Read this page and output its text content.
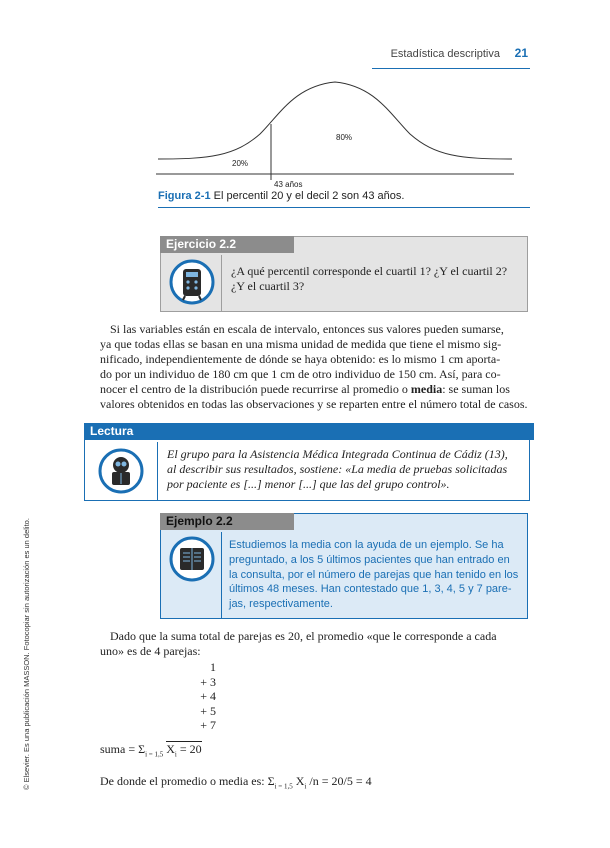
Estadística descriptiva 21
80%
20%
43 años
Figura 2-1 El percentil 20 y el decil 2 son 43 años.
Ejercicio 2.2
¿A qué percentil corresponde el cuartil 1? ¿Y el cuartil 2?
¿Y el cuartil 3?
Si las variables están en escala de intervalo, entonces sus valores pueden sumarse,
ya que todas ellas se basan en una misma unidad de medida que tiene el mismo sig-
nificado, independientemente de dónde se haya obtenido: es lo mismo 1 cm aporta-
do por un individuo de 180 cm que 1 cm de otro individuo de 150 cm. Así, para co-
nocer el centro de la distribución puede recurrirse al promedio o media: se suman los
valores obtenidos en todas las observaciones y se reparten entre el número total de casos.
Lectura
El grupo para la Asistencia Médica Integrada Continua de Cádiz (13),
al describir sus resultados, sostiene: «La media de pruebas solicitadas
por paciente es [...] menor [...] que las del grupo control».
Ejemplo 2.2
Estudiemos la media con la ayuda de un ejemplo. Se ha
preguntado, a los 5 últimos pacientes que han entrado en
la consulta, por el número de parejas que han tenido en los
últimos 48 meses. Han contestado que 1, 3, 4, 5 y 7 pare-
jas, respectivamente.
Dado que la suma total de parejas es 20, el promedio «que le corresponde a cada
uno» es de 4 parejas:
1
+ 3
+ 4
+ 5
+ 7
suma = $\Sigma_{i = 1,5}$ $X_i = 20$
De donde el promedio o media es: $\Sigma_{i = 1,5}$ $X_i$ /n = 20/5 = 4
© Elsevier. Es una publicación MASSON. Fotocopiar sin autorización es un delito.
